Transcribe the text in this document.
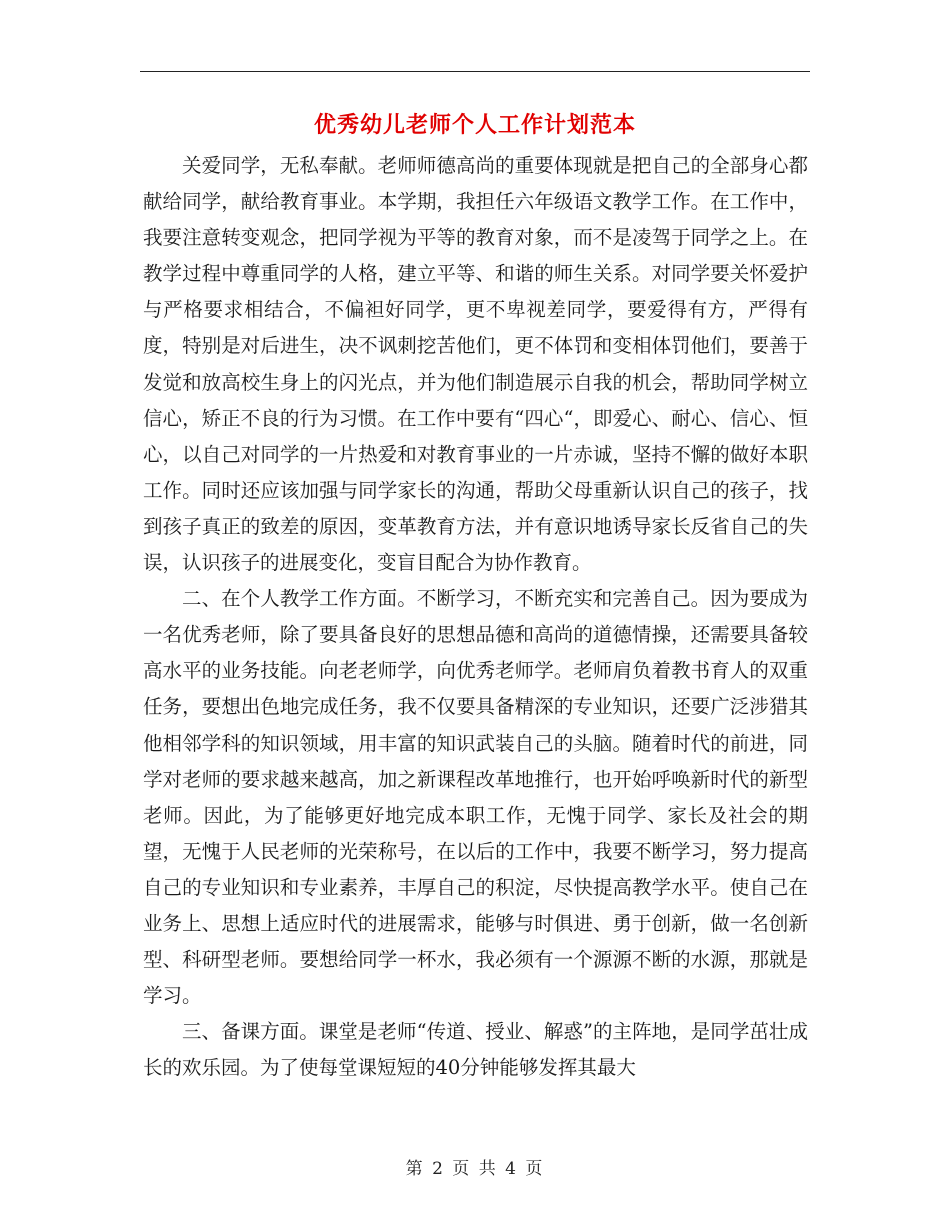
优秀幼儿老师个人工作计划范本

关爱同学，无私奉献。老师师德高尚的重要体现就是把自己的全部身心都献给同学，献给教育事业。本学期，我担任六年级语文教学工作。在工作中，我要注意转变观念，把同学视为平等的教育对象，而不是凌驾于同学之上。在教学过程中尊重同学的人格，建立平等、和谐的师生关系。对同学要关怀爱护与严格要求相结合，不偏袒好同学，更不卑视差同学，要爱得有方，严得有度，特别是对后进生，决不讽刺挖苦他们，更不体罚和变相体罚他们，要善于发觉和放高校生身上的闪光点，并为他们制造展示自我的机会，帮助同学树立信心，矫正不良的行为习惯。在工作中要有“四心“，即爱心、耐心、信心、恒心，以自己对同学的一片热爱和对教育事业的一片赤诚，坚持不懈的做好本职工作。同时还应该加强与同学家长的沟通，帮助父母重新认识自己的孩子，找到孩子真正的致差的原因，变革教育方法，并有意识地诱导家长反省自己的失误，认识孩子的进展变化，变盲目配合为协作教育。

二、在个人教学工作方面。不断学习，不断充实和完善自己。因为要成为一名优秀老师，除了要具备良好的思想品德和高尚的道德情操，还需要具备较高水平的业务技能。向老老师学，向优秀老师学。老师肩负着教书育人的双重任务，要想出色地完成任务，我不仅要具备精深的专业知识，还要广泛涉猎其他相邻学科的知识领域，用丰富的知识武装自己的头脑。随着时代的前进，同学对老师的要求越来越高，加之新课程改革地推行，也开始呼唤新时代的新型老师。因此，为了能够更好地完成本职工作，无愧于同学、家长及社会的期望，无愧于人民老师的光荣称号，在以后的工作中，我要不断学习，努力提高自己的专业知识和专业素养，丰厚自己的积淀，尽快提高教学水平。使自己在业务上、思想上适应时代的进展需求，能够与时俱进、勇于创新，做一名创新型、科研型老师。要想给同学一杯水，我必须有一个源源不断的水源，那就是学习。

三、备课方面。课堂是老师“传道、授业、解惑”的主阵地，是同学茁壮成长的欢乐园。为了使每堂课短短的40分钟能够发挥其最大

第 2 页 共 4 页
